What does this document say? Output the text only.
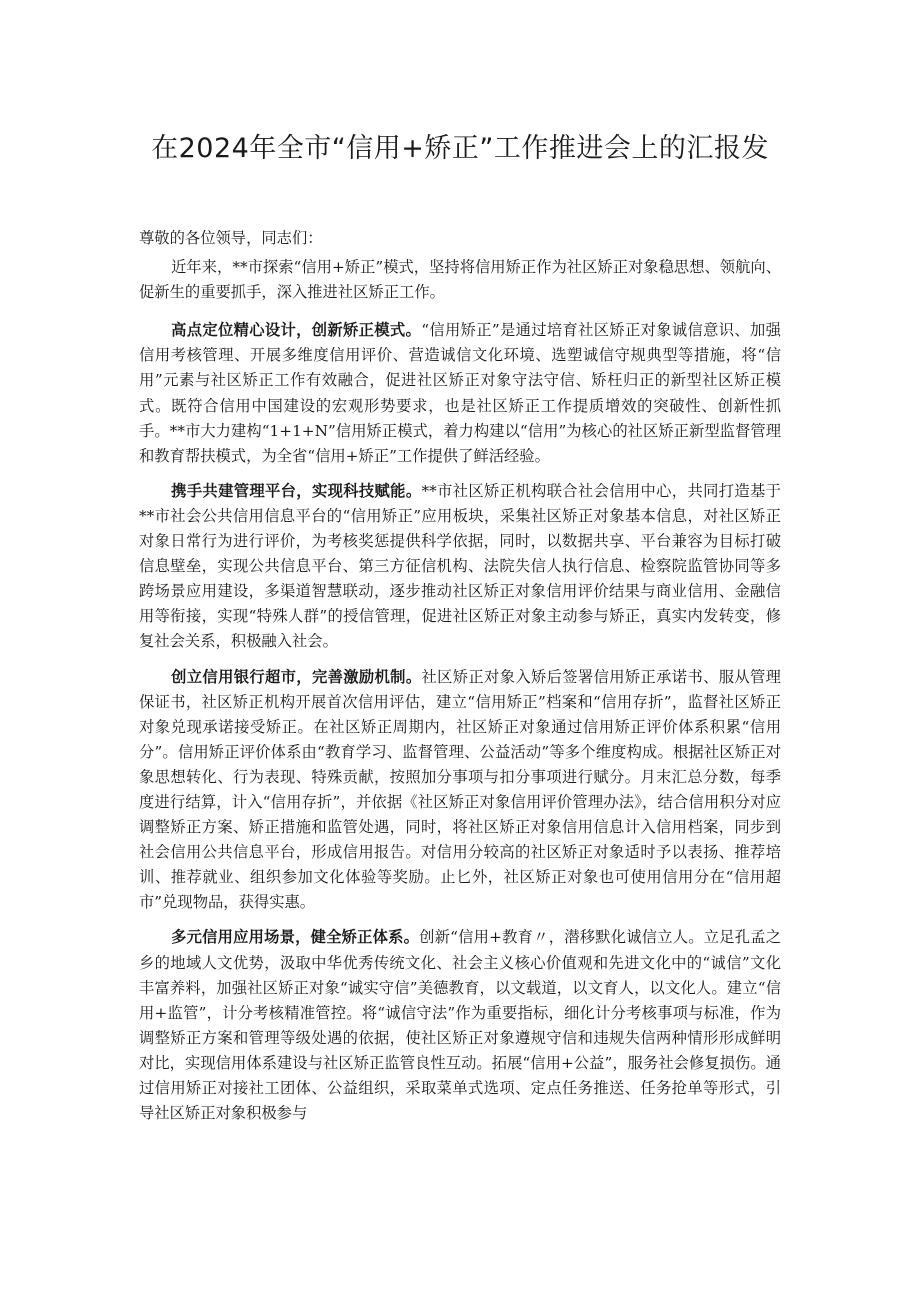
在2024年全市“信用+矫正”工作推进会上的汇报发

尊敬的各位领导，同志们：

近年来，**市探索“信用+矫正”模式，坚持将信用矫正作为社区矫正对象稳思想、领航向、促新生的重要抓手，深入推进社区矫正工作。

高点定位精心设计，创新矫正模式。“信用矫正”是通过培育社区矫正对象诚信意识、加强信用考核管理、开展多维度信用评价、营造诚信文化环境、选塑诚信守规典型等措施，将“信用”元素与社区矫正工作有效融合，促进社区矫正对象守法守信、矫枉归正的新型社区矫正模式。既符合信用中国建设的宏观形势要求，也是社区矫正工作提质增效的突破性、创新性抓手。**市大力建构“1+1+N”信用矫正模式，着力构建以“信用”为核心的社区矫正新型监督管理和教育帮扶模式，为全省“信用+矫正”工作提供了鲜活经验。

携手共建管理平台，实现科技赋能。**市社区矫正机构联合社会信用中心，共同打造基于**市社会公共信用信息平台的“信用矫正”应用板块，采集社区矫正对象基本信息，对社区矫正对象日常行为进行评价，为考核奖惩提供科学依据，同时，以数据共享、平台兼容为目标打破信息壁垒，实现公共信息平台、第三方征信机构、法院失信人执行信息、检察院监管协同等多跨场景应用建设，多渠道智慧联动，逐步推动社区矫正对象信用评价结果与商业信用、金融信用等衔接，实现“特殊人群”的授信管理，促进社区矫正对象主动参与矫正，真实内发转变，修复社会关系，积极融入社会。

创立信用银行超市，完善激励机制。社区矫正对象入矫后签署信用矫正承诺书、服从管理保证书，社区矫正机构开展首次信用评估，建立“信用矫正”档案和“信用存折”，监督社区矫正对象兑现承诺接受矫正。在社区矫正周期内，社区矫正对象通过信用矫正评价体系积累“信用分”。信用矫正评价体系由“教育学习、监督管理、公益活动”等多个维度构成。根据社区矫正对象思想转化、行为表现、特殊贡献，按照加分事项与扣分事项进行赋分。月末汇总分数，每季度进行结算，计入“信用存折”，并依据《社区矫正对象信用评价管理办法》，结合信用积分对应调整矫正方案、矫正措施和监管处遇，同时，将社区矫正对象信用信息计入信用档案，同步到社会信用公共信息平台，形成信用报告。对信用分较高的社区矫正对象适时予以表扬、推荐培训、推荐就业、组织参加文化体验等奖励。止匕外，社区矫正对象也可使用信用分在“信用超市”兑现物品，获得实惠。

多元信用应用场景，健全矫正体系。创新“信用+教育〃，潜移默化诚信立人。立足孔孟之乡的地域人文优势，汲取中华优秀传统文化、社会主义核心价值观和先进文化中的“诚信”文化丰富养料，加强社区矫正对象“诚实守信”美德教育，以文载道，以文育人，以文化人。建立“信用+监管”，计分考核精准管控。将“诚信守法”作为重要指标，细化计分考核事项与标准，作为调整矫正方案和管理等级处遇的依据，使社区矫正对象遵规守信和违规失信两种情形形成鲜明对比，实现信用体系建设与社区矫正监管良性互动。拓展“信用+公益”，服务社会修复损伤。通过信用矫正对接社工团体、公益组织，采取菜单式选项、定点任务推送、任务抢单等形式，引导社区矫正对象积极参与
